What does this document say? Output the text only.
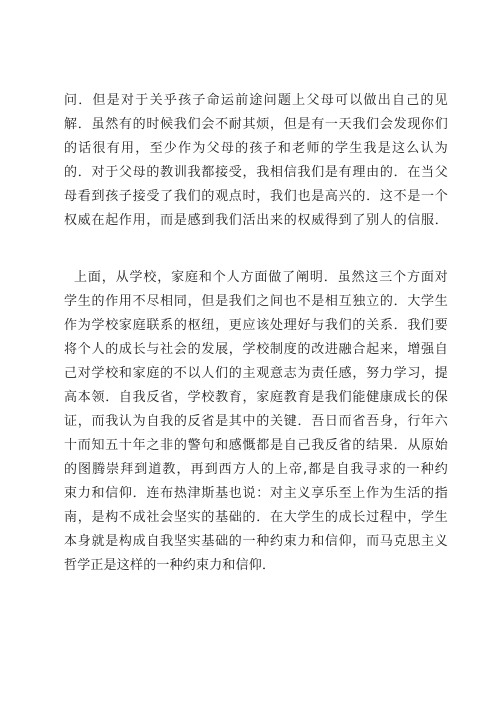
问．但是对于关乎孩子命运前途问题上父母可以做出自己的见
解．虽然有的时候我们会不耐其烦，但是有一天我们会发现你们
的话很有用，至少作为父母的孩子和老师的学生我是这么认为
的．对于父母的教训我都接受，我相信我们是有理由的．在当父
母看到孩子接受了我们的观点时，我们也是高兴的．这不是一个
权威在起作用，而是感到我们活出来的权威得到了别人的信服．
上面，从学校，家庭和个人方面做了阐明．虽然这三个方面对
学生的作用不尽相同，但是我们之间也不是相互独立的．大学生
作为学校家庭联系的枢纽，更应该处理好与我们的关系．我们要
将个人的成长与社会的发展，学校制度的改进融合起来，增强自
己对学校和家庭的不以人们的主观意志为责任感，努力学习，提
高本领．自我反省，学校教育，家庭教育是我们能健康成长的保
证，而我认为自我的反省是其中的关键．吾日而省吾身，行年六
十而知五十年之非的警句和感慨都是自己我反省的结果．从原始
的图腾崇拜到道教，再到西方人的上帝,都是自我寻求的一种约
束力和信仰．连布热津斯基也说：对主义享乐至上作为生活的指
南，是构不成社会坚实的基础的．在大学生的成长过程中，学生
本身就是构成自我坚实基础的一种约束力和信仰，而马克思主义
哲学正是这样的一种约束力和信仰．
